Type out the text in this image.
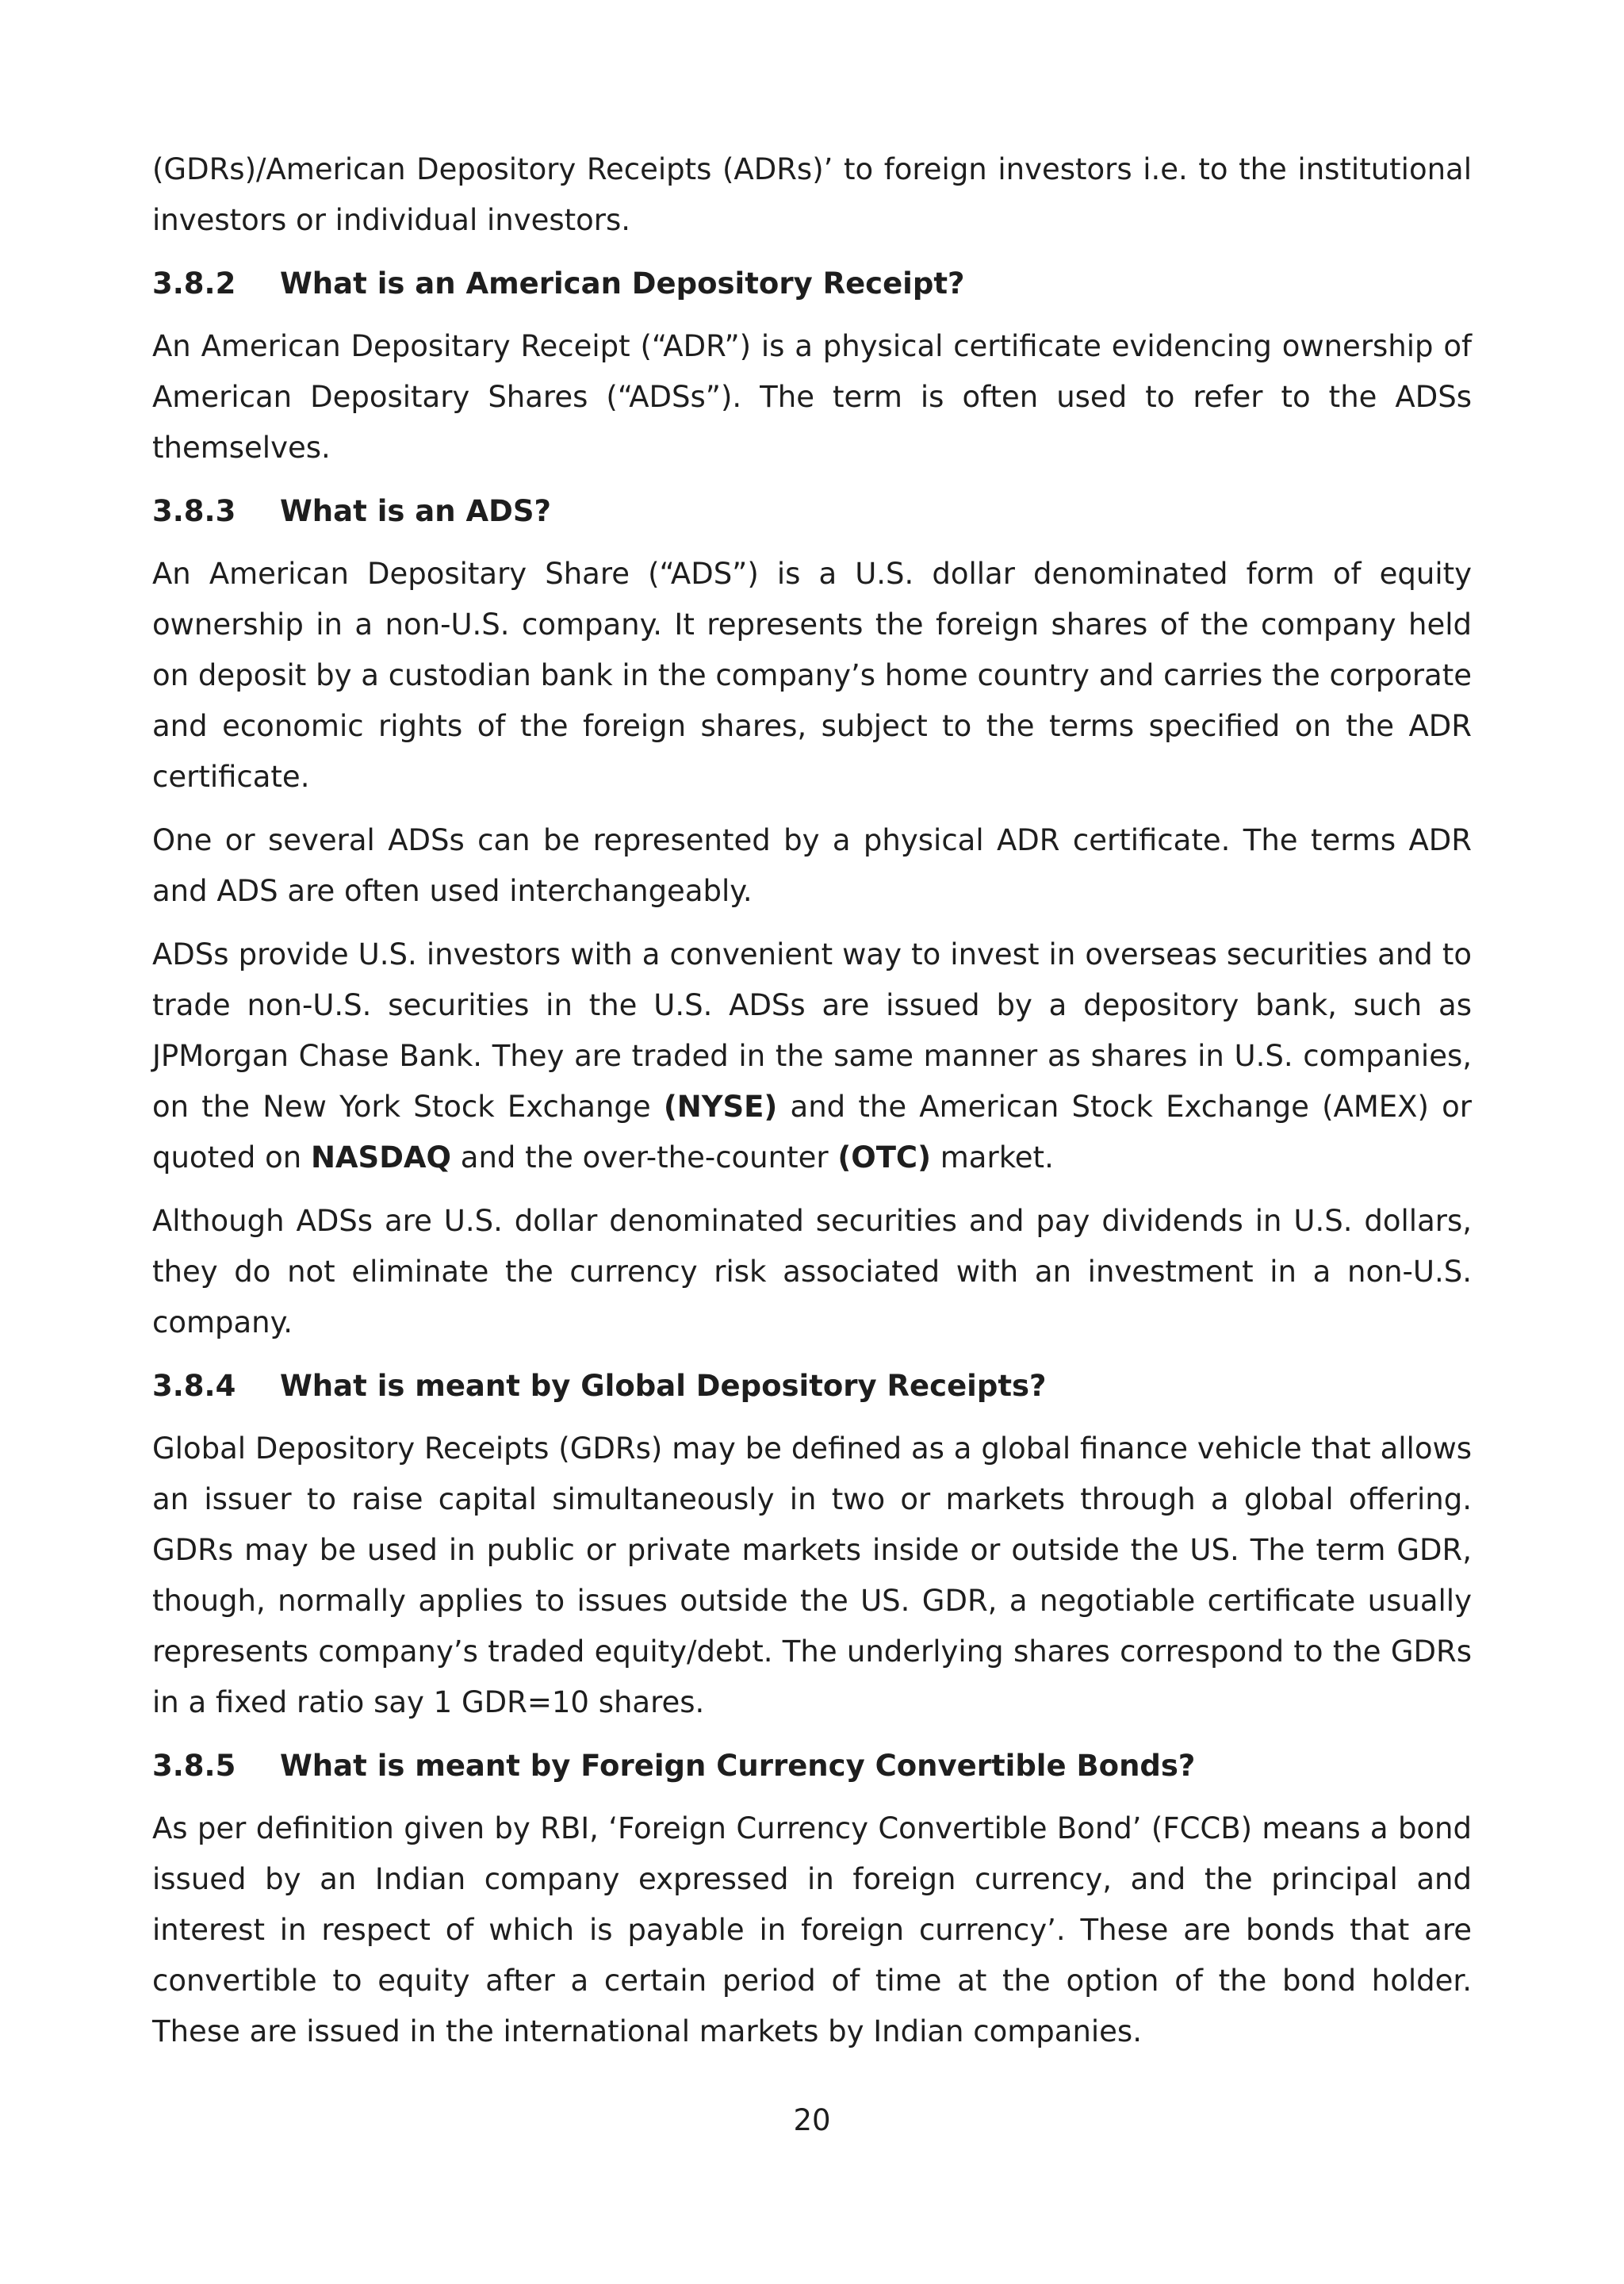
(GDRs)/American Depository Receipts (ADRs)’ to foreign investors i.e. to the institutional investors or individual investors.

3.8.2 What is an American Depository Receipt?

An American Depositary Receipt (“ADR”) is a physical certificate evidencing ownership of American Depositary Shares (“ADSs”). The term is often used to refer to the ADSs themselves.

3.8.3 What is an ADS?

An American Depositary Share (“ADS”) is a U.S. dollar denominated form of equity ownership in a non-U.S. company. It represents the foreign shares of the company held on deposit by a custodian bank in the company’s home country and carries the corporate and economic rights of the foreign shares, subject to the terms specified on the ADR certificate.

One or several ADSs can be represented by a physical ADR certificate. The terms ADR and ADS are often used interchangeably.

ADSs provide U.S. investors with a convenient way to invest in overseas securities and to trade non-U.S. securities in the U.S. ADSs are issued by a depository bank, such as JPMorgan Chase Bank. They are traded in the same manner as shares in U.S. companies, on the New York Stock Exchange (NYSE) and the American Stock Exchange (AMEX) or quoted on NASDAQ and the over-the-counter (OTC) market.

Although ADSs are U.S. dollar denominated securities and pay dividends in U.S. dollars, they do not eliminate the currency risk associated with an investment in a non-U.S. company.

3.8.4 What is meant by Global Depository Receipts?

Global Depository Receipts (GDRs) may be defined as a global finance vehicle that allows an issuer to raise capital simultaneously in two or markets through a global offering. GDRs may be used in public or private markets inside or outside the US. The term GDR, though, normally applies to issues outside the US. GDR, a negotiable certificate usually represents company’s traded equity/debt. The underlying shares correspond to the GDRs in a fixed ratio say 1 GDR=10 shares.

3.8.5 What is meant by Foreign Currency Convertible Bonds?

As per definition given by RBI, ‘Foreign Currency Convertible Bond’ (FCCB) means a bond issued by an Indian company expressed in foreign currency, and the principal and interest in respect of which is payable in foreign currency’. These are bonds that are convertible to equity after a certain period of time at the option of the bond holder. These are issued in the international markets by Indian companies.

20
